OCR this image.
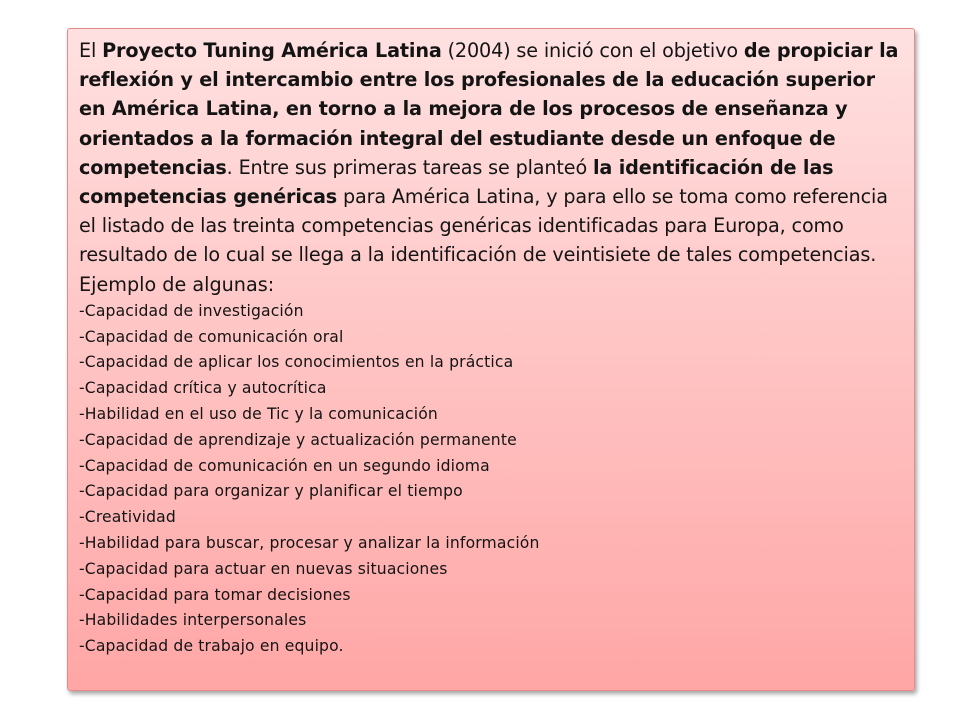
El Proyecto Tuning América Latina (2004) se inició con el objetivo de propiciar la reflexión y el intercambio entre los profesionales de la educación superior en América Latina, en torno a la mejora de los procesos de enseñanza y orientados a la formación integral del estudiante desde un enfoque de competencias. Entre sus primeras tareas se planteó la identificación de las competencias genéricas para América Latina, y para ello se toma como referencia el listado de las treinta competencias genéricas identificadas para Europa, como resultado de lo cual se llega a la identificación de veintisiete de tales competencias.

Ejemplo de algunas:

-Capacidad de investigación
-Capacidad de comunicación oral
-Capacidad de aplicar los conocimientos en la práctica
-Capacidad crítica y autocrítica
-Habilidad en el uso de Tic y la comunicación
-Capacidad de aprendizaje y actualización permanente
-Capacidad de comunicación en un segundo idioma
-Capacidad para organizar y planificar el tiempo
-Creatividad
-Habilidad para buscar, procesar y analizar la información
-Capacidad para actuar en nuevas situaciones
-Capacidad para tomar decisiones
-Habilidades interpersonales
-Capacidad de trabajo en equipo.
